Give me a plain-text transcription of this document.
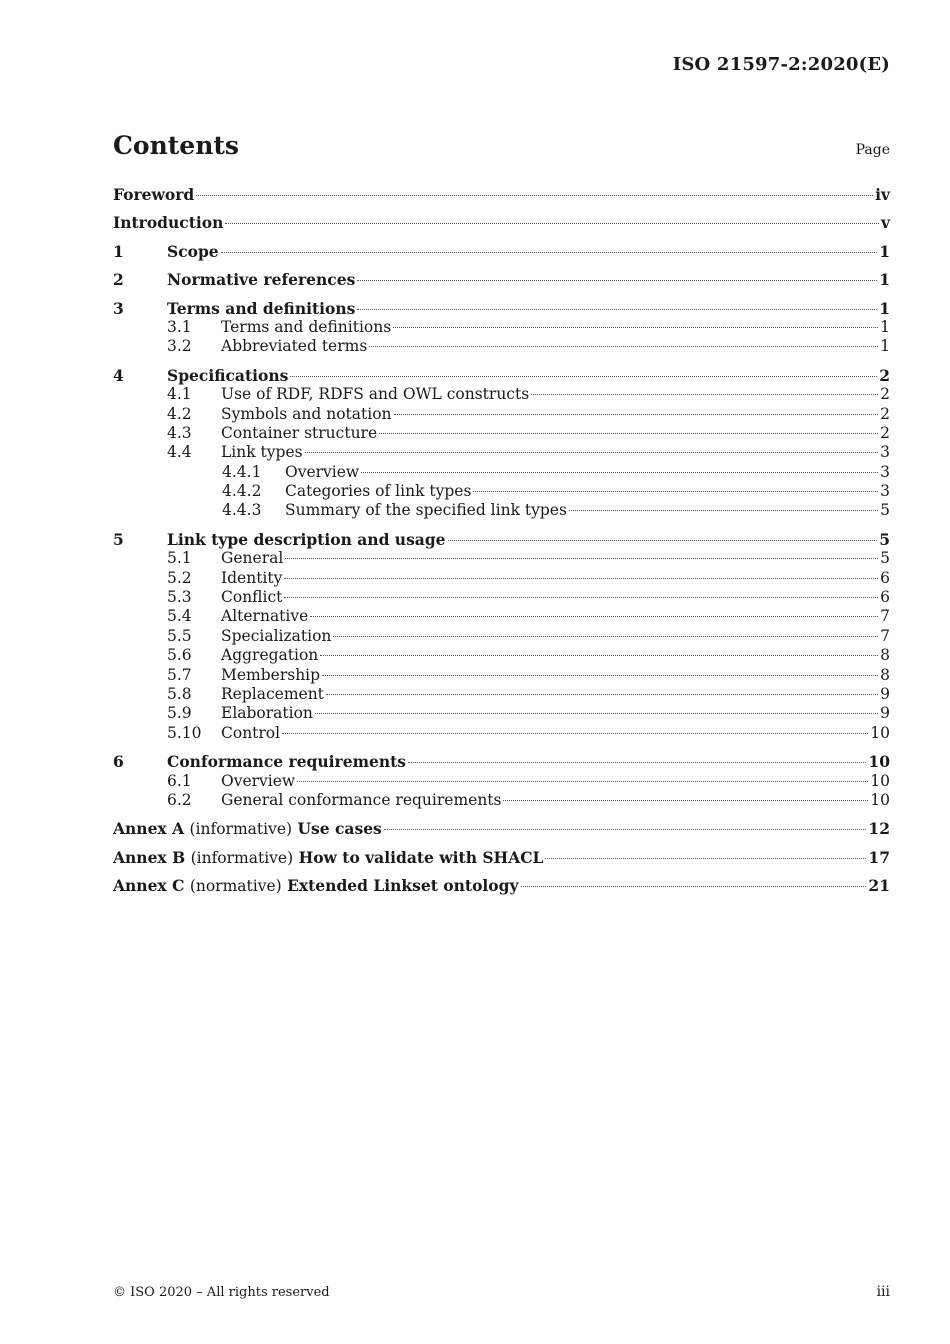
ISO 21597-2:2020(E)
Contents	Page
Foreword	iv
Introduction	v
1	Scope	1
2	Normative references	1
3	Terms and definitions	1
3.1	Terms and definitions	1
3.2	Abbreviated terms	1
4	Specifications	2
4.1	Use of RDF, RDFS and OWL constructs	2
4.2	Symbols and notation	2
4.3	Container structure	2
4.4	Link types	3
4.4.1	Overview	3
4.4.2	Categories of link types	3
4.4.3	Summary of the specified link types	5
5	Link type description and usage	5
5.1	General	5
5.2	Identity	6
5.3	Conflict	6
5.4	Alternative	7
5.5	Specialization	7
5.6	Aggregation	8
5.7	Membership	8
5.8	Replacement	9
5.9	Elaboration	9
5.10	Control	10
6	Conformance requirements	10
6.1	Overview	10
6.2	General conformance requirements	10
Annex A (informative) Use cases	12
Annex B (informative) How to validate with SHACL	17
Annex C (normative) Extended Linkset ontology	21
© ISO 2020 – All rights reserved	iii
